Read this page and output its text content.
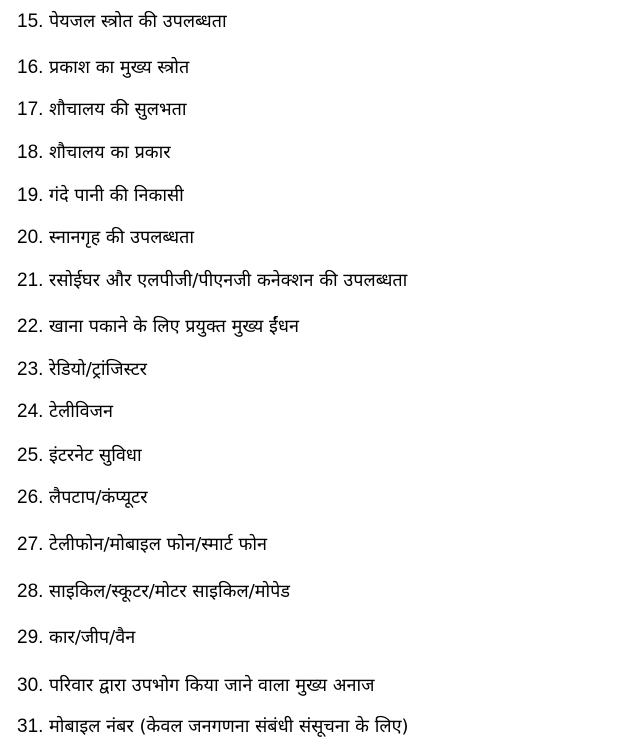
15. पेयजल स्त्रोत की उपलब्धता
16. प्रकाश का मुख्य स्त्रोत
17. शौचालय की सुलभता
18. शौचालय का प्रकार
19. गंदे पानी की निकासी
20. स्नानगृह की उपलब्धता
21. रसोईघर और एलपीजी/पीएनजी कनेक्शन की उपलब्धता
22. खाना पकाने के लिए प्रयुक्त मुख्य ईंधन
23. रेडियो/ट्रांजिस्टर
24. टेलीविजन
25. इंटरनेट सुविधा
26. लैपटाप/कंप्यूटर
27. टेलीफोन/मोबाइल फोन/स्मार्ट फोन
28. साइकिल/स्कूटर/मोटर साइकिल/मोपेड
29. कार/जीप/वैन
30. परिवार द्वारा उपभोग किया जाने वाला मुख्य अनाज
31. मोबाइल नंबर (केवल जनगणना संबंधी संसूचना के लिए)
